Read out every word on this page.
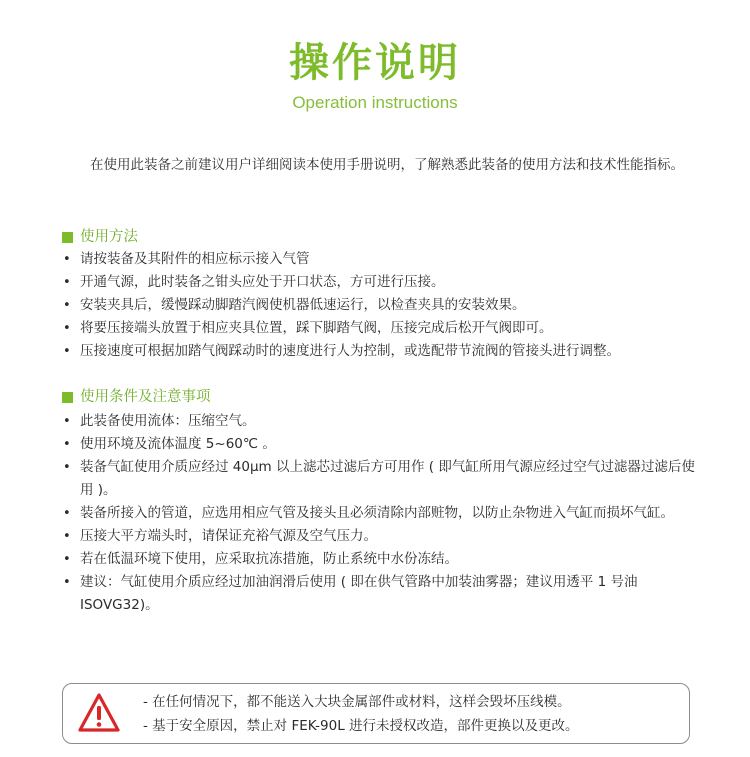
操作说明
Operation instructions

在使用此装备之前建议用户详细阅读本使用手册说明，了解熟悉此装备的使用方法和技术性能指标。

使用方法
• 请按装备及其附件的相应标示接入气管
• 开通气源，此时装备之钳头应处于开口状态，方可进行压接。
• 安装夹具后，缓慢踩动脚踏汽阀使机器低速运行，以检查夹具的安装效果。
• 将要压接端头放置于相应夹具位置，踩下脚踏气阀，压接完成后松开气阀即可。
• 压接速度可根据加踏气阀踩动时的速度进行人为控制，或选配带节流阀的管接头进行调整。
使用条件及注意事项
• 此装备使用流体：压缩空气。
• 使用环境及流体温度 5~60℃ 。
• 装备气缸使用介质应经过 40μm 以上滤芯过滤后方可用作 ( 即气缸所用气源应经过空气过滤器过滤后使用 )。
• 装备所接入的管道，应选用相应气管及接头且必须清除内部赃物，以防止杂物进入气缸而损坏气缸。
• 压接大平方端头时，请保证充裕气源及空气压力。
• 若在低温环境下使用，应采取抗冻措施，防止系统中水份冻结。
• 建议：气缸使用介质应经过加油润滑后使用 ( 即在供气管路中加装油雾器；建议用透平 1 号油 ISOVG32)。
- 在任何情况下，都不能送入大块金属部件或材料，这样会毁坏压线模。
- 基于安全原因，禁止对 FEK-90L 进行未授权改造，部件更换以及更改。
